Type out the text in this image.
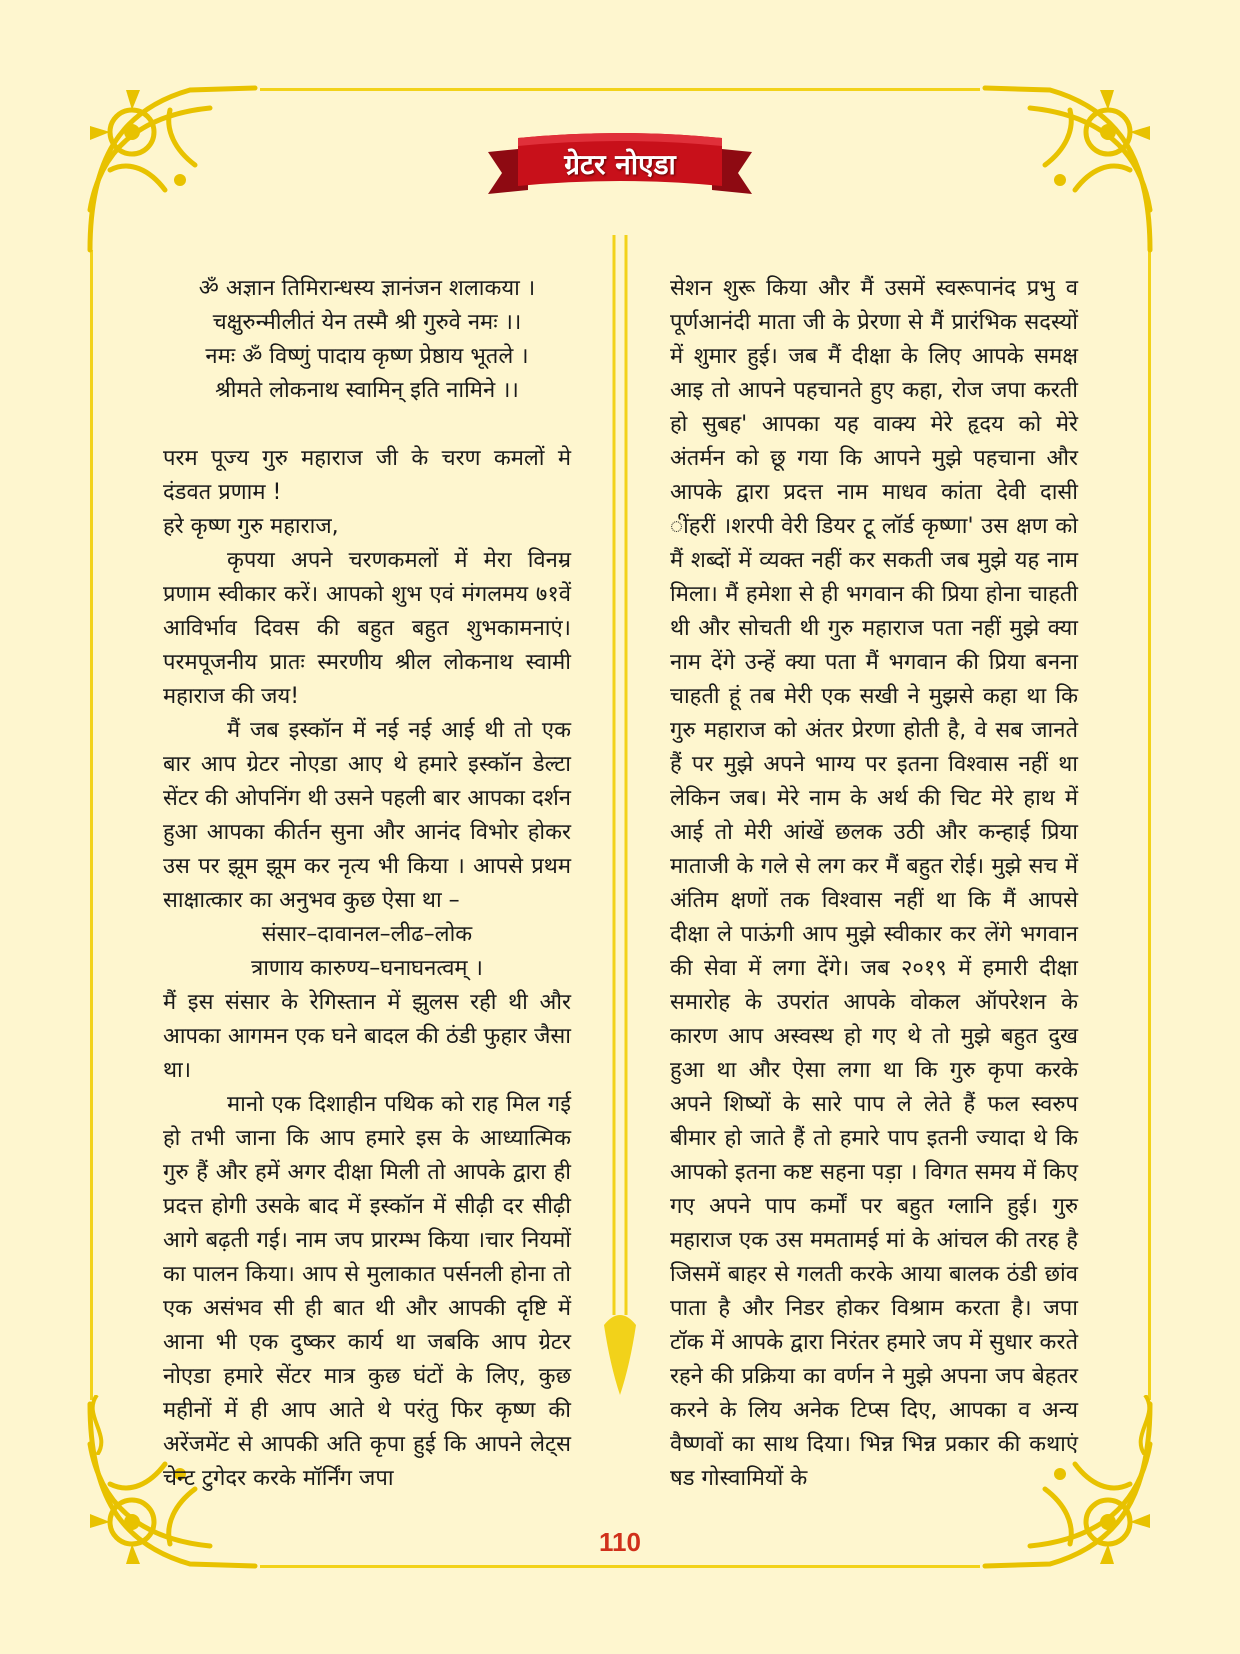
ग्रेटर नोएडा
ॐ अज्ञान तिमिरान्धस्य ज्ञानंजन शलाकया ।
चक्षुरुन्मीलीतं येन तस्मै श्री गुरुवे नमः ।।
नमः ॐ विष्णुं पादाय कृष्ण प्रेष्ठाय भूतले ।
श्रीमते लोकनाथ स्वामिन् इति नामिने ।।

परम पूज्य गुरु महाराज जी के चरण कमलों मे दंडवत प्रणाम !

हरे कृष्ण गुरु महाराज,

कृपया अपने चरणकमलों में मेरा विनम्र प्रणाम स्वीकार करें। आपको शुभ एवं मंगलमय ७१वें आविर्भाव दिवस की बहुत बहुत शुभकामनाएं। परमपूजनीय प्रातः स्मरणीय श्रील लोकनाथ स्वामी महाराज की जय!

मैं जब इस्कॉन में नई नई आई थी तो एक बार आप ग्रेटर नोएडा आए थे हमारे इस्कॉन डेल्टा सेंटर की ओपनिंग थी उसने पहली बार आपका दर्शन हुआ आपका कीर्तन सुना और आनंद विभोर होकर उस पर झूम झूम कर नृत्य भी किया । आपसे प्रथम साक्षात्कार का अनुभव कुछ ऐसा था –

संसार–दावानल–लीढ–लोक

त्राणाय कारुण्य–घनाघनत्वम् ।

मैं इस संसार के रेगिस्तान में झुलस रही थी और आपका आगमन एक घने बादल की ठंडी फुहार जैसा था।

मानो एक दिशाहीन पथिक को राह मिल गई हो तभी जाना कि आप हमारे इस के आध्यात्मिक गुरु हैं और हमें अगर दीक्षा मिली तो आपके द्वारा ही प्रदत्त होगी उसके बाद में इस्कॉन में सीढ़ी दर सीढ़ी आगे बढ़ती गई। नाम जप प्रारम्भ किया ।चार नियमों का पालन किया। आप से मुलाकात पर्सनली होना तो एक असंभव सी ही बात थी और आपकी दृष्टि में आना भी एक दुष्कर कार्य था जबकि आप ग्रेटर नोएडा हमारे सेंटर मात्र कुछ घंटों के लिए, कुछ महीनों में ही आप आते थे परंतु फिर कृष्ण की अरेंजमेंट से आपकी अति कृपा हुई कि आपने लेट्स चेन्ट टुगेदर करके मॉर्निंग जपा

सेशन शुरू किया और मैं उसमें स्वरूपानंद प्रभु व पूर्णआनंदी माता जी के प्रेरणा से मैं प्रारंभिक सदस्यों में शुमार हुई। जब मैं दीक्षा के लिए आपके समक्ष आइ तो आपने पहचानते हुए कहा, रोज जपा करती हो सुबह' आपका यह वाक्य मेरे हृदय को मेरे अंतर्मन को छू गया कि आपने मुझे पहचाना और आपके द्वारा प्रदत्त नाम माधव कांता देवी दासी ींहरीं ।शरपी वेरी डियर टू लॉर्ड कृष्णा' उस क्षण को मैं शब्दों में व्यक्त नहीं कर सकती जब मुझे यह नाम मिला। मैं हमेशा से ही भगवान की प्रिया होना चाहती थी और सोचती थी गुरु महाराज पता नहीं मुझे क्या नाम देंगे उन्हें क्या पता मैं भगवान की प्रिया बनना चाहती हूं तब मेरी एक सखी ने मुझसे कहा था कि गुरु महाराज को अंतर प्रेरणा होती है, वे सब जानते हैं पर मुझे अपने भाग्य पर इतना विश्वास नहीं था लेकिन जब। मेरे नाम के अर्थ की चिट मेरे हाथ में आई तो मेरी आंखें छलक उठी और कन्हाई प्रिया माताजी के गले से लग कर मैं बहुत रोई। मुझे सच में अंतिम क्षणों तक विश्वास नहीं था कि मैं आपसे दीक्षा ले पाऊंगी आप मुझे स्वीकार कर लेंगे भगवान की सेवा में लगा देंगे। जब २०१९ में हमारी दीक्षा समारोह के उपरांत आपके वोकल ऑपरेशन के कारण आप अस्वस्थ हो गए थे तो मुझे बहुत दुख हुआ था और ऐसा लगा था कि गुरु कृपा करके अपने शिष्यों के सारे पाप ले लेते हैं फल स्वरुप बीमार हो जाते हैं तो हमारे पाप इतनी ज्यादा थे कि आपको इतना कष्ट सहना पड़ा । विगत समय में किए गए अपने पाप कर्मों पर बहुत ग्लानि हुई। गुरु महाराज एक उस ममतामई मां के आंचल की तरह है जिसमें बाहर से गलती करके आया बालक ठंडी छांव पाता है और निडर होकर विश्राम करता है। जपा टॉक में आपके द्वारा निरंतर हमारे जप में सुधार करते रहने की प्रक्रिया का वर्णन ने मुझे अपना जप बेहतर करने के लिय अनेक टिप्स दिए, आपका व अन्य वैष्णवों का साथ दिया। भिन्न भिन्न प्रकार की कथाएं षड गोस्वामियों के

110
